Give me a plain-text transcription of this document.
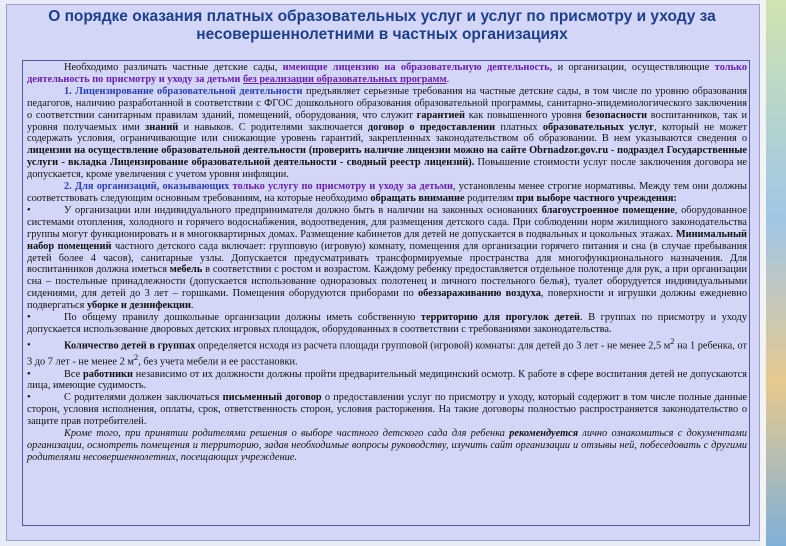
О порядке оказания платных образовательных услуг и услуг по присмотру и уходу за несовершеннолетними в частных организациях

Необходимо различать частные детские сады, имеющие лицензию на образовательную деятельность, и организации, осуществляющие только деятельность по присмотру и уходу за детьми без реализации образовательных программ.

1. Лицензирование образовательной деятельности предъявляет серьезные требования на частные детские сады, в том числе по уровню образования педагогов, наличию разработанной в соответствии с ФГОС дошкольного образования образовательной программы, санитарно-эпидемиологического заключения о соответствии санитарным правилам зданий, помещений, оборудования, что служит гарантией как повышенного уровня безопасности воспитанников, так и уровня получаемых ими знаний и навыков. С родителями заключается договор о предоставлении платных образовательных услуг, который не может содержать условия, ограничивающие или снижающие уровень гарантий, закрепленных законодательством об образовании. В нем указываются сведения о лицензии на осуществление образовательной деятельности (проверить наличие лицензии можно на сайте Obrnadzor.gov.ru - подраздел Государственные услуги - вкладка Лицензирование образовательной деятельности - сводный реестр лицензий). Повышение стоимости услуг после заключения договора не допускается, кроме увеличения с учетом уровня инфляции.

2. Для организаций, оказывающих только услугу по присмотру и уходу за детьми, установлены менее строгие нормативы. Между тем они должны соответствовать следующим основным требованиям, на которые необходимо обращать внимание родителям при выборе частного учреждения:

•	У организации или индивидуального предпринимателя должно быть в наличии на законных основаниях благоустроенное помещение, оборудованное системами отопления, холодного и горячего водоснабжения, водоотведения, для размещения детского сада. При соблюдении норм жилищного законодательства группы могут функционировать и в многоквартирных домах. Размещение кабинетов для детей не допускается в подвальных и цокольных этажах. Минимальный набор помещений частного детского сада включает: групповую (игровую) комнату, помещения для организации горячего питания и сна (в случае пребывания детей более 4 часов), санитарные узлы. Допускается предусматривать трансформируемые пространства для многофункционального назначения. Для воспитанников должна иметься мебель в соответствии с ростом и возрастом. Каждому ребенку предоставляется отдельное полотенце для рук, а при организации сна – постельные принадлежности (допускается использование одноразовых полотенец и личного постельного белья), туалет оборудуется индивидуальными сидениями, для детей до 3 лет – горшками. Помещения оборудуются приборами по обеззараживанию воздуха, поверхности и игрушки должны ежедневно подвергаться уборке и дезинфекции.

•	По общему правилу дошкольные организации должны иметь собственную территорию для прогулок детей. В группах по присмотру и уходу допускается использование дворовых детских игровых площадок, оборудованных в соответствии с требованиями законодательства.

•	Количество детей в группах определяется исходя из расчета площади групповой (игровой) комнаты: для детей до 3 лет - не менее 2,5 $м^2$ на 1 ребенка, от 3 до 7 лет - не менее 2 $м^2$, без учета мебели и ее расстановки.

•	Все работники независимо от их должности должны пройти предварительный медицинский осмотр. К работе в сфере воспитания детей не допускаются лица, имеющие судимость.

•	С родителями должен заключаться письменный договор о предоставлении услуг по присмотру и уходу, который содержит в том числе полные данные сторон, условия исполнения, оплаты, срок, ответственность сторон, условия расторжения. На такие договоры полностью распространяется законодательство о защите прав потребителей.

Кроме того, при принятии родителями решения о выборе частного детского сада для ребенка рекомендуется лично ознакомиться с документами организации, осмотреть помещения и территорию, задав необходимые вопросы руководству, изучить сайт организации и отзывы ней, побеседовать с другими родителями несовершеннолетних, посещающих учреждение.
